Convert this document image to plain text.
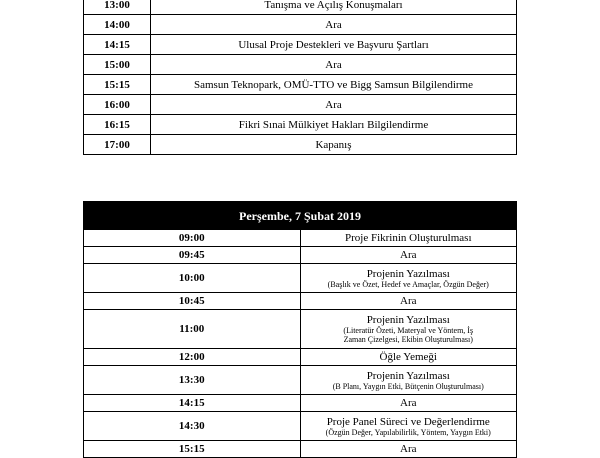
13:00	Tanışma ve Açılış Konuşmaları
14:00	Ara
14:15	Ulusal Proje Destekleri ve Başvuru Şartları
15:00	Ara
15:15	Samsun Teknopark, OMÜ-TTO ve Bigg Samsun Bilgilendirme
16:00	Ara
16:15	Fikri Sınai Mülkiyet Hakları Bilgilendirme
17:00	Kapanış
Perşembe, 7 Şubat 2019	
09:00	Proje Fikrinin Oluşturulması
09:45	Ara
10:00	Projenin Yazılması
(Başlık ve Özet, Hedef ve Amaçlar, Özgün Değer)

10:45	Ara
11:00	Projenin Yazılması
(Literatür Özeti, Materyal ve Yöntem, İş Zaman Çizelgesi, Ekibin Oluşturulması)

12:00	Öğle Yemeği
13:30	Projenin Yazılması
(B Planı, Yaygın Etki, Bütçenin Oluşturulması)

14:15	Ara
14:30	Proje Panel Süreci ve Değerlendirme
(Özgün Değer, Yapılabilirlik, Yöntem, Yaygın Etki)

15:15	Ara
